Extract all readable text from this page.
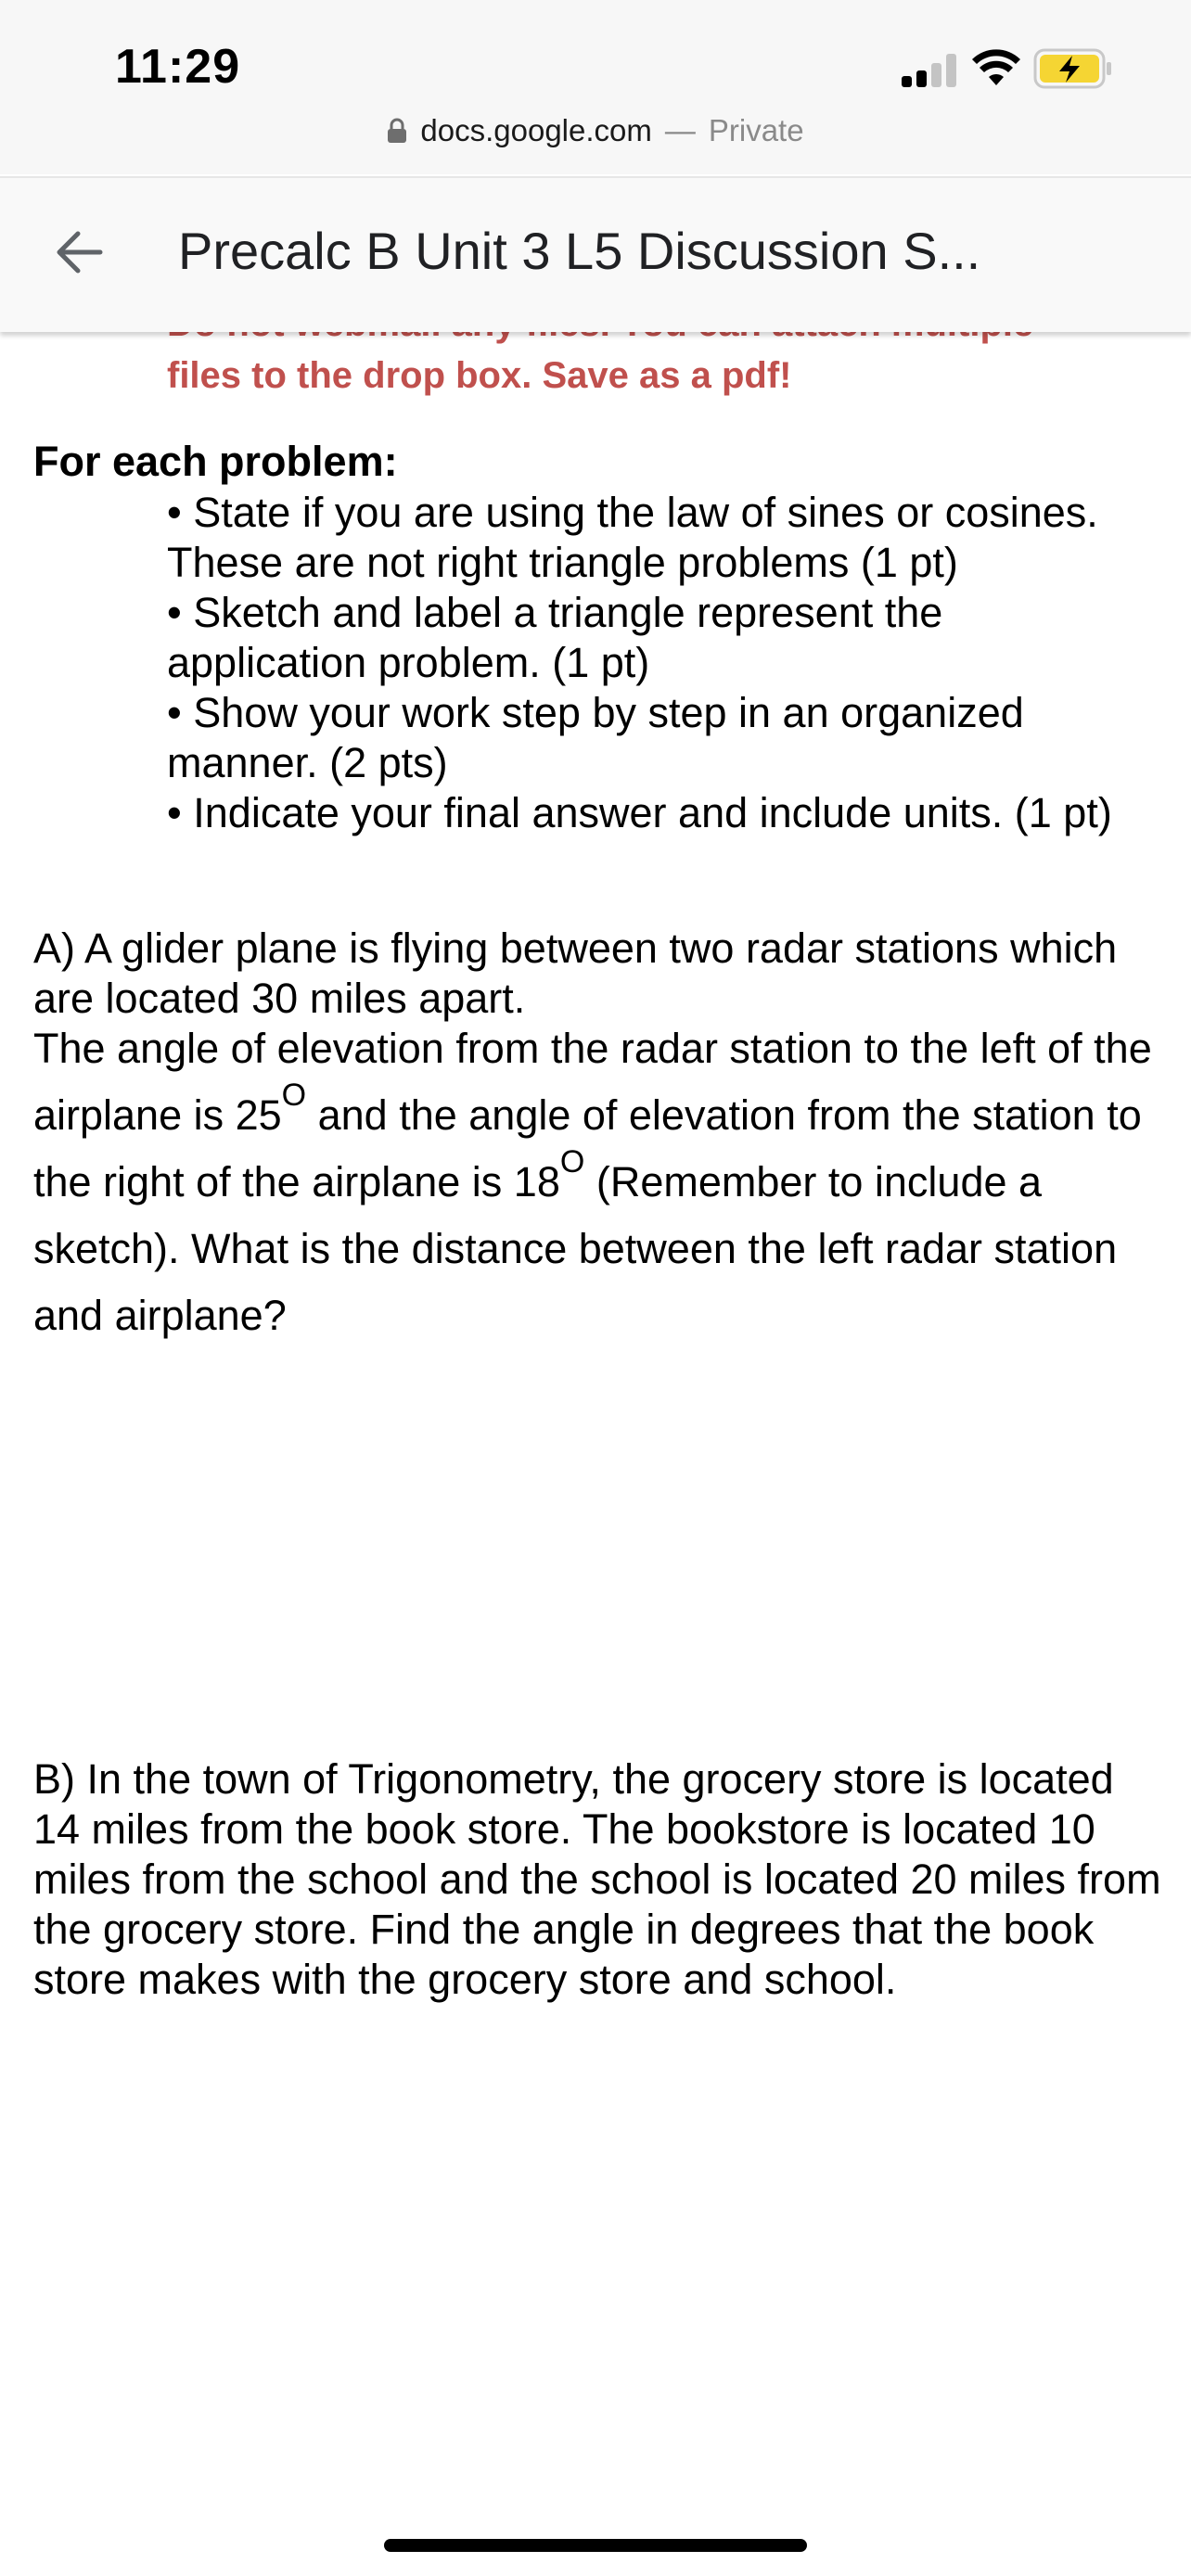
11:29
docs.google.com — Private
Precalc B Unit 3 L5 Discussion S...
files to the drop box. Save as a pdf!
For each problem:
• State if you are using the law of sines or cosines. These are not right triangle problems (1 pt)
• Sketch and label a triangle represent the application problem. (1 pt)
• Show your work step by step in an organized manner. (2 pts)
• Indicate your final answer and include units. (1 pt)

A) A glider plane is flying between two radar stations which are located 30 miles apart.

The angle of elevation from the radar station to the left of the airplane is $25^O$ and the angle of elevation from the station to the right of the airplane is $18^O$ (Remember to include a sketch). What is the distance between the left radar station and airplane?

B) In the town of Trigonometry, the grocery store is located 14 miles from the book store. The bookstore is located 10 miles from the school and the school is located 20 miles from the grocery store. Find the angle in degrees that the book store makes with the grocery store and school.
